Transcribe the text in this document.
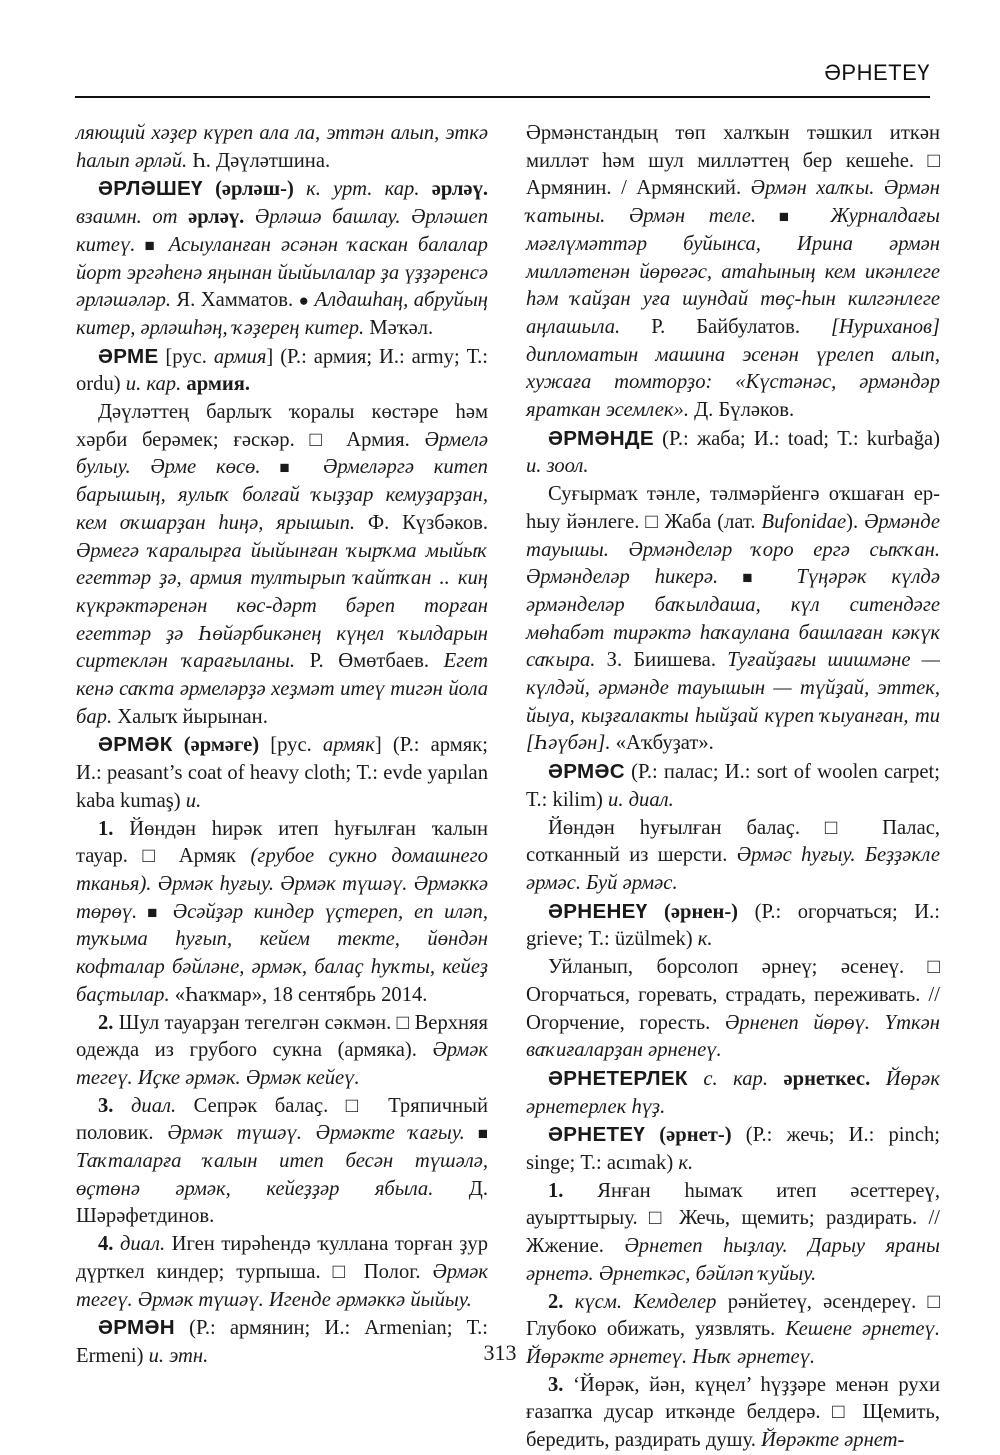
ӘРНЕТЕҮ

ляющий хәҙер күреп ала ла, эттән алып, эткә һалып әрләй. Һ. Дәүләтшина.

ӘРЛӘШЕҮ (әрләш-) к. урт. кар. әрләү. взаимн. от әрләү. Әрләшә башлау. Әрләшеп китеү. ■ Асыуланған әсәнән ҡаскан балалар йорт эргәһенә яңынан йыйылалар ҙа үҙҙәренсә әрләшәләр. Я. Хамматов. ● Алдашһаң, абруйың китер, әрләшһәң, ҡәҙерең китер. Мәҡәл.

ӘРМЕ [рус. армия] (Р.: армия; И.: army; Т.: ordu) и. кар. армия.

Дәүләттең барлыҡ ҡоралы көстәре һәм хәрби берәмек; ғәскәр. □ Армия. Әрмелә булыу. Әрме көсө. ■ Әрмеләргә китеп барышың, яулыҡ болғай ҡыҙҙар кемуҙарҙан, кем оҡшарҙан һиңә, ярышып. Ф. Күзбәков. Әрмегә ҡаралырға йыйынған ҡырҡма мыйыҡ егеттәр ҙә, армия тултырып ҡайтҡан .. киң күкрәктәренән көс-дәрт бәреп торған егеттәр ҙә Һөйәрбикәнең күңел ҡылдарын сиртеклән ҡарағыланы. Р. Өмөтбаев. Егет кенә саҡта әрмеләрҙә хеҙмәт итеү тигән йола бар. Халыҡ йырынан.

ӘРМӘК (әрмәге) [рус. армяк] (Р.: армяк; И.: peasant’s coat of heavy cloth; Т.: evde yapılan kaba kumaş) и.

1. Йөндән һирәк итеп һуғылған ҡалын тауар. □ Армяк (грубое сукно домашнего тканья). Әрмәк һуғыу. Әрмәк түшәү. Әрмәккә төрөү. ■ Әсәйҙәр киндер үҫтереп, еп иләп, туҡыма һуғып, кейем текте, йөндән кофталар бәйләне, әрмәк, балаҫ һуҡты, кейеҙ баҫтылар. «Һаҡмар», 18 сентябрь 2014.

2. Шул тауарҙан тегелгән сәкмән. □ Верхняя одежда из грубого сукна (армяка). Әрмәк тегеү. Иҫке әрмәк. Әрмәк кейеү.

3. диал. Сепрәк балаҫ. □ Тряпичный половик. Әрмәк түшәү. Әрмәкте ҡағыу. ■ Таҡталарға ҡалын итеп бесән түшәлә, өҫтөнә әрмәк, кейеҙҙәр ябыла. Д. Шәрәфетдинов.

4. диал. Иген тирәһендә ҡуллана торған ҙур дүрткел киндер; турпыша. □ Полог. Әрмәк тегеү. Әрмәк түшәү. Игенде әрмәккә йыйыу.

ӘРМӘН (Р.: армянин; И.: Armenian; Т.: Ermeni) и. этн.

Әрмәнстандың төп халҡын тәшкил иткән милләт һәм шул милләттең бер кешеһе. □ Армянин. / Армянский. Әрмән халҡы. Әрмән ҡатыны. Әрмән теле. ■ Журналдағы мәғлүмәттәр буйынса, Ирина әрмән милләтенән йөрөгәс, атаһының кем икәнлеге һәм ҡайҙан уға шундай төҫ-һын килгәнлеге аңлашыла. Р. Байбулатов. [Нуриханов] дипломатын машина эсенән үрелеп алып, хужаға томторҙо: «Күстәнәс, әрмәндәр яраткан эсемлек». Д. Бүләков.

ӘРМӘНДЕ (Р.: жаба; И.: toad; Т.: kurbağa) и. зоол.

Суғырмаҡ тәнле, тәлмәрйенгә оҡшаған ер-һыу йәнлеге. □ Жаба (лат. Bufonidae). Әрмәнде тауышы. Әрмәнделәр ҡоро ергә сыҡҡан. Әрмәнделәр һикерә. ■ Түңәрәк күлдә әрмәнделәр баҡылдаша, күл ситендәге мөһабәт тирәктә һаҡаулана башлаған кәкүк саҡыра. З. Биишева. Туғайҙағы шишмәне — күлдәй, әрмәнде тауышын — түйҙай, эттек, йыуа, кыҙғалакты һыйҙай күреп ҡыуанған, ти [Һәүбән]. «Аҡбуҙат».

ӘРМӘС (Р.: палас; И.: sort of woolen carpet; Т.: kilim) и. диал.

Йөндән һуғылған балаҫ. □ Палас, сотканный из шерсти. Әрмәс һуғыу. Беҙҙәкле әрмәс. Буй әрмәс.

ӘРНЕНЕҮ (әрнен-) (Р.: огорчаться; И.: grieve; Т.: üzülmek) к.

Уйланып, борсолоп әрнеү; әсенеү. □ Огорчаться, горевать, страдать, переживать. // Огорчение, горесть. Әрненеп йөрөү. Үткән ваҡиғаларҙан әрненеү.

ӘРНЕТЕРЛЕК с. кар. әрнеткес. Йөрәк әрнетерлек һүҙ.

ӘРНЕТЕҮ (әрнет-) (Р.: жечь; И.: pinch; singe; Т.: acımak) к.

1. Янған һымаҡ итеп әсеттереү, ауырттырыу. □ Жечь, щемить; раздирать. // Жжение. Әрнетеп һыҙлау. Дарыу яраны әрнетә. Әрнеткәс, бәйләп ҡуйыу.

2. күсм. Кемделер рәнйетеү, әсендереү. □ Глубоко обижать, уязвлять. Кешене әрнетеү. Йөрәкте әрнетеү. Ныҡ әрнетеү.

3. ‘Йөрәк, йән, күңел’ һүҙҙәре менән рухи ғазапҡа дусар иткәнде белдерә. □ Щемить, бередить, раздирать душу. Йөрәкте әрнет-

313
